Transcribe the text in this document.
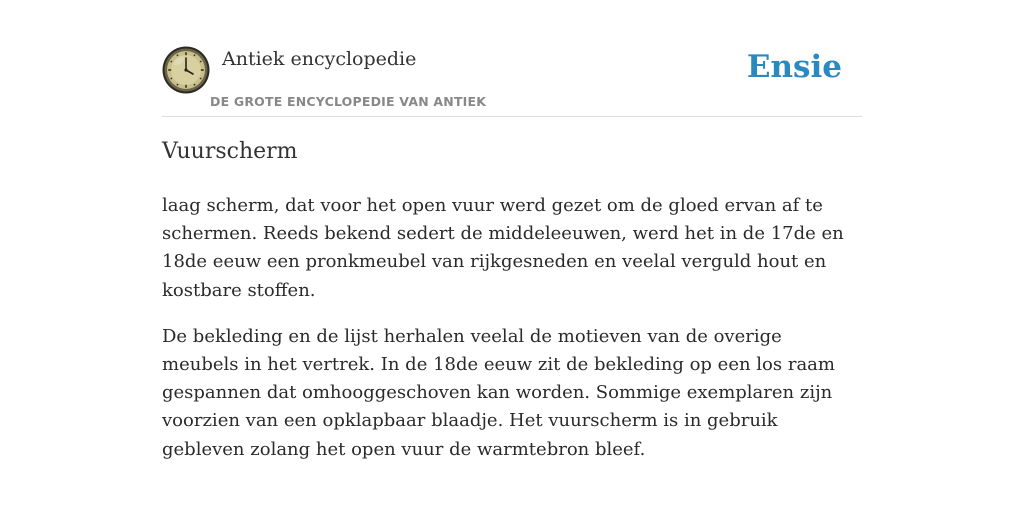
Antiek encyclopedie
DE GROTE ENCYCLOPEDIE VAN ANTIEK
Ensie
Vuurscherm

laag scherm, dat voor het open vuur werd gezet om de gloed ervan af te schermen. Reeds bekend sedert de middeleeuwen, werd het in de 17de en 18de eeuw een pronkmeubel van rijkgesneden en veelal verguld hout en kostbare stoffen.

De bekleding en de lijst herhalen veelal de motieven van de overige meubels in het vertrek. In de 18de eeuw zit de bekleding op een los raam gespannen dat omhooggeschoven kan worden. Sommige exemplaren zijn voorzien van een opklapbaar blaadje. Het vuurscherm is in gebruik gebleven zolang het open vuur de warmtebron bleef.
